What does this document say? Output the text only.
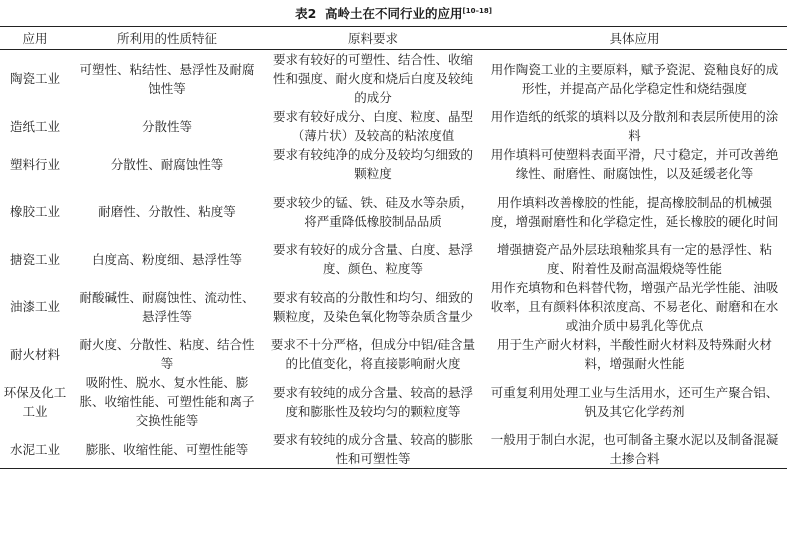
表2 高岭土在不同行业的应用[10–18]
应用	所利用的性质特征	原料要求	具体应用
陶瓷工业	可塑性、粘结性、悬浮性及耐腐蚀性等	要求有较好的可塑性、结合性、收缩性和强度、耐火度和烧后白度及较纯的成分	用作陶瓷工业的主要原料，赋予瓷泥、瓷釉良好的成形性，并提高产品化学稳定性和烧结强度
造纸工业	分散性等	要求有较好成分、白度、粒度、晶型（薄片状）及较高的粘浓度值	用作造纸的纸浆的填料以及分散剂和表层所使用的涂料
塑料行业	分散性、耐腐蚀性等	要求有较纯净的成分及较均匀细致的颗粒度	用作填料可使塑料表面平滑，尺寸稳定，并可改善绝缘性、耐磨性、耐腐蚀性，以及延缓老化等
橡胶工业	耐磨性、分散性、粘度等	要求较少的锰、铁、硅及水等杂质，将严重降低橡胶制品品质	用作填料改善橡胶的性能，提高橡胶制品的机械强度，增强耐磨性和化学稳定性，延长橡胶的硬化时间
搪瓷工业	白度高、粉度细、悬浮性等	要求有较好的成分含量、白度、悬浮度、颜色、粒度等	增强搪瓷产品外层珐琅釉浆具有一定的悬浮性、粘度、附着性及耐高温煅烧等性能
油漆工业	耐酸碱性、耐腐蚀性、流动性、悬浮性等	要求有较高的分散性和均匀、细致的颗粒度，及染色氧化物等杂质含量少	用作充填物和色料替代物，增强产品光学性能、油吸收率，且有颜料体积浓度高、不易老化、耐磨和在水或油介质中易乳化等优点
耐火材料	耐火度、分散性、粘度、结合性等	要求不十分严格，但成分中铝/硅含量的比值变化，将直接影响耐火度	用于生产耐火材料，半酸性耐火材料及特殊耐火材料，增强耐火性能
环保及化工工业	吸附性、脱水、复水性能、膨胀、收缩性能、可塑性能和离子交换性能等	要求有较纯的成分含量、较高的悬浮度和膨胀性及较均匀的颗粒度等	可重复利用处理工业与生活用水，还可生产聚合铝、钒及其它化学药剂
水泥工业	膨胀、收缩性能、可塑性能等	要求有较纯的成分含量、较高的膨胀性和可塑性等	一般用于制白水泥，也可制备主聚水泥以及制备混凝土掺合料
